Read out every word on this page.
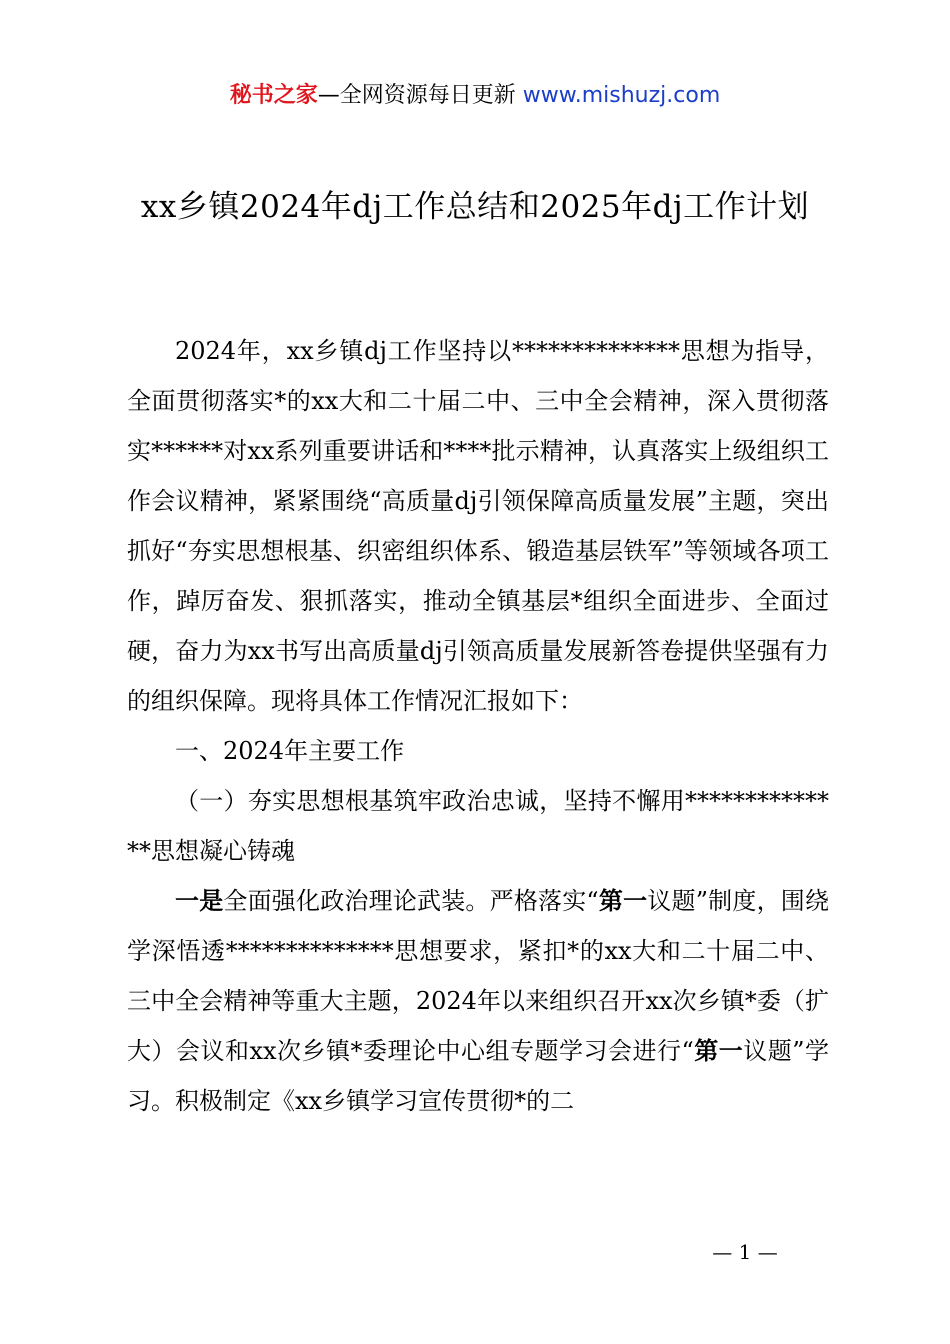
秘书之家—全网资源每日更新 www.mishuzj.com
xx乡镇2024年dj工作总结和2025年dj工作计划

2024年，xx乡镇dj工作坚持以**************思想为指导，全面贯彻落实*的xx大和二十届二中、三中全会精神，深入贯彻落实******对xx系列重要讲话和****批示精神，认真落实上级组织工作会议精神，紧紧围绕“高质量dj引领保障高质量发展”主题，突出抓好“夯实思想根基、织密组织体系、锻造基层铁军”等领域各项工作，踔厉奋发、狠抓落实，推动全镇基层*组织全面进步、全面过硬，奋力为xx书写出高质量dj引领高质量发展新答卷提供坚强有力的组织保障。现将具体工作情况汇报如下：

一、2024年主要工作

（一）夯实思想根基筑牢政治忠诚，坚持不懈用**************思想凝心铸魂

一是全面强化政治理论武装。严格落实“第一议题”制度，围绕学深悟透**************思想要求，紧扣*的xx大和二十届二中、三中全会精神等重大主题，2024年以来组织召开xx次乡镇*委（扩大）会议和xx次乡镇*委理论中心组专题学习会进行“第一议题”学习。积极制定《xx乡镇学习宣传贯彻*的二

— 1 —
